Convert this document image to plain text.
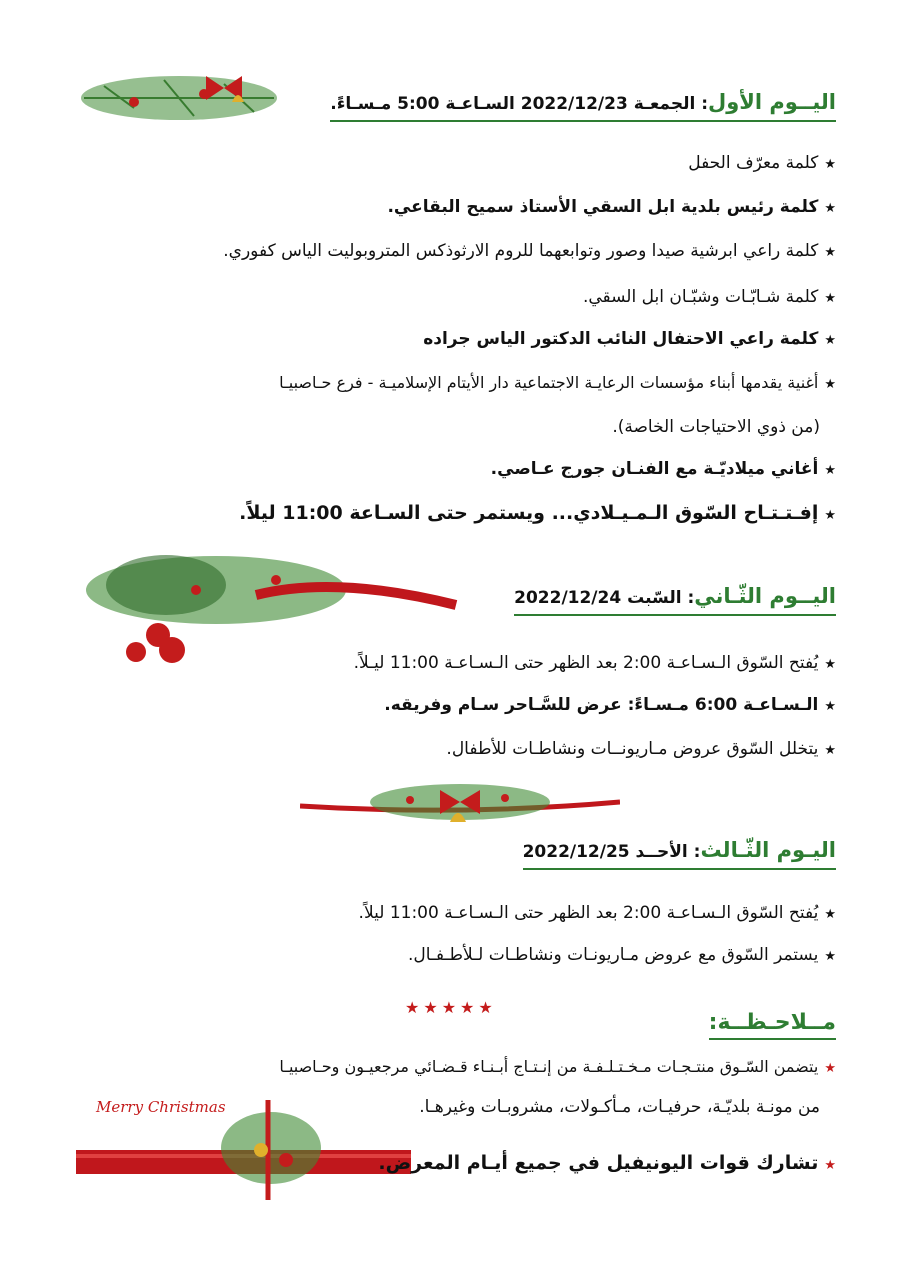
Merry Christmas
اليــوم الأول: الجمعـة 2022/12/23 السـاعـة 5:00 مـسـاءً.
★كلمة معرّف الحفل
★كلمة رئيس بلدية ابل السقي الأستاذ سميح البقاعي.
★كلمة راعي ابرشية صيدا وصور وتوابعهما للروم الارثوذكس المتروبوليت الياس كفوري.
★كلمة شـابّـات وشبّـان ابل السقي.
★كلمة راعي الاحتفال النائب الدكتور الياس جراده
★أغنية يقدمها أبناء مؤسسات الرعايـة الاجتماعية دار الأيتام الإسلاميـة - فرع حـاصبيـا
(من ذوي الاحتياجات الخاصة).
★أغاني ميلاديّـة مع الفنـان جورج عـاصي.
★إفـتـتـاح السّوق الـمـيـلادي... ويستمر حتى السـاعة 11:00 ليلاً.
اليــوم الثّـاني: السّبت 2022/12/24
★يُفتح السّوق الـسـاعـة 2:00 بعد الظهر حتى الـسـاعـة 11:00 ليـلاً.
★الـسـاعـة 6:00 مـسـاءً: عرض للسَّـاحر سـام وفريقه.
★يتخلل السّوق عروض مـاريونــات ونشاطـات للأطفال.
اليـوم الثّـالث: الأحــد 2022/12/25
★يُفتح السّوق الـسـاعـة 2:00 بعد الظهر حتى الـسـاعـة 11:00 ليلاً.
★يستمر السّوق مع عروض مـاريونـات ونشاطـات لـلأطـفـال.
★★★★★
مــلاحـظــة:
★يتضمن السّـوق منتـجـات مـخـتـلـفـة من إنـتـاج أبـنـاء قـضـائي مرجعيـون وحـاصبيـا
من مونـة بلديّـة، حرفيـات، مـأكـولات، مشروبـات وغيرهـا.
★تشارك قوات اليونيفيل في جميع أيـام المعرض.
